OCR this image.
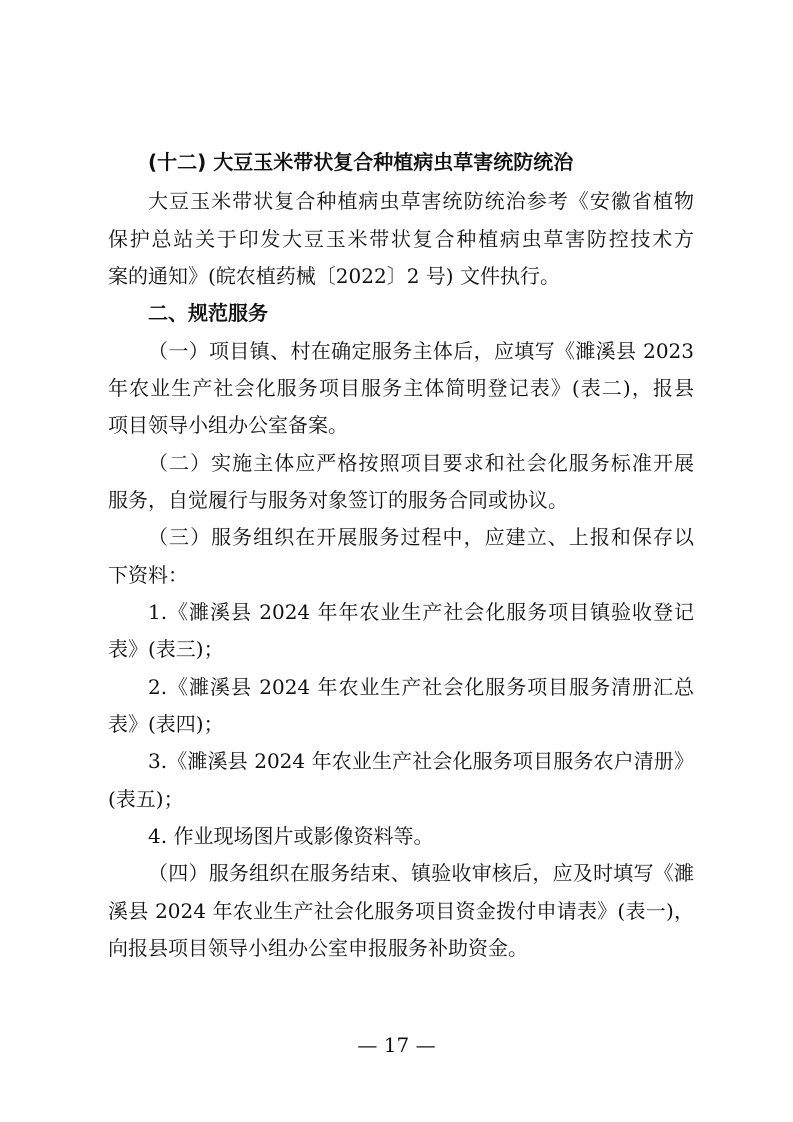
(十二) 大豆玉米带状复合种植病虫草害统防统治
大豆玉米带状复合种植病虫草害统防统治参考《安徽省植物
保护总站关于印发大豆玉米带状复合种植病虫草害防控技术方
案的通知》(皖农植药械〔2022〕2 号) 文件执行。
二、规范服务
（一）项目镇、村在确定服务主体后，应填写《濉溪县 2023
年农业生产社会化服务项目服务主体简明登记表》(表二)，报县
项目领导小组办公室备案。
（二）实施主体应严格按照项目要求和社会化服务标准开展
服务，自觉履行与服务对象签订的服务合同或协议。
（三）服务组织在开展服务过程中，应建立、上报和保存以
下资料：
1.《濉溪县 2024 年年农业生产社会化服务项目镇验收登记
表》(表三)；
2.《濉溪县 2024 年农业生产社会化服务项目服务清册汇总
表》(表四)；
3.《濉溪县 2024 年农业生产社会化服务项目服务农户清册》
(表五)；
4. 作业现场图片或影像资料等。
（四）服务组织在服务结束、镇验收审核后，应及时填写《濉
溪县 2024 年农业生产社会化服务项目资金拨付申请表》(表一)，
向报县项目领导小组办公室申报服务补助资金。
— 17 —
